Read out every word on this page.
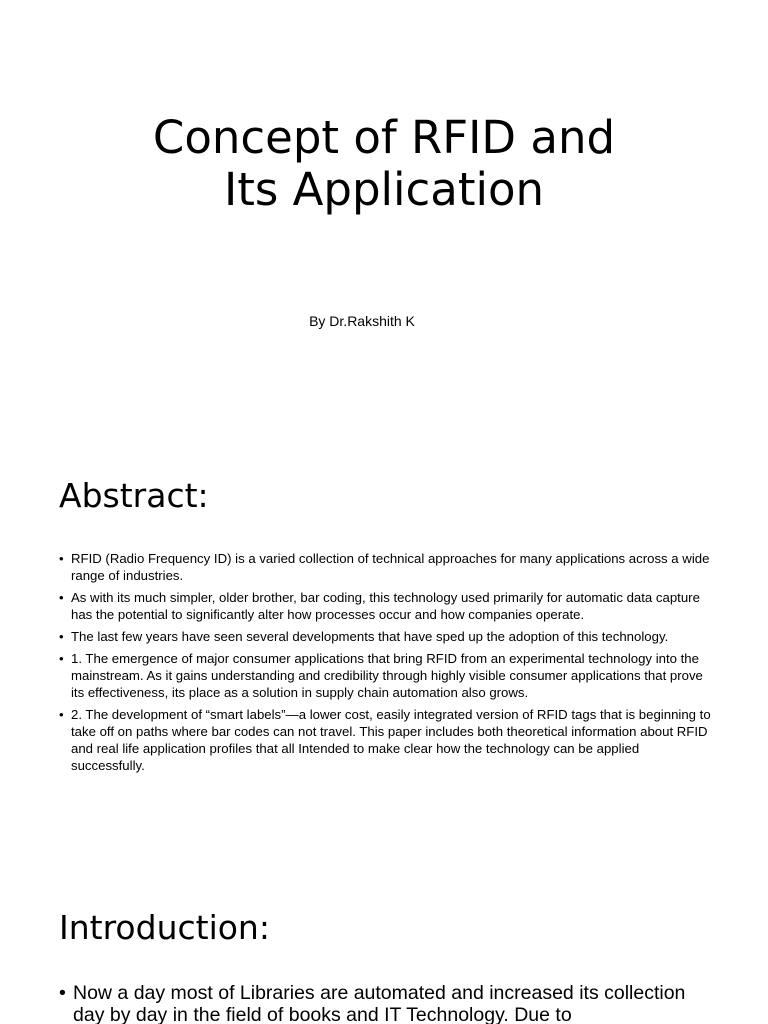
Concept of RFID and
Its Application
By Dr.Rakshith K
Abstract:
• RFID (Radio Frequency ID) is a varied collection of technical approaches for many applications across a wide range of industries.
• As with its much simpler, older brother, bar coding, this technology used primarily for automatic data capture has the potential to significantly alter how processes occur and how companies operate.
• The last few years have seen several developments that have sped up the adoption of this technology.
• 1. The emergence of major consumer applications that bring RFID from an experimental technology into the mainstream. As it gains understanding and credibility through highly visible consumer applications that prove its effectiveness, its place as a solution in supply chain automation also grows.
• 2. The development of “smart labels”—a lower cost, easily integrated version of RFID tags that is beginning to take off on paths where bar codes can not travel. This paper includes both theoretical information about RFID and real life application profiles that all Intended to make clear how the technology can be applied successfully.
Introduction:
• Now a day most of Libraries are automated and increased its collection day by day in the field of books and IT Technology. Due to
